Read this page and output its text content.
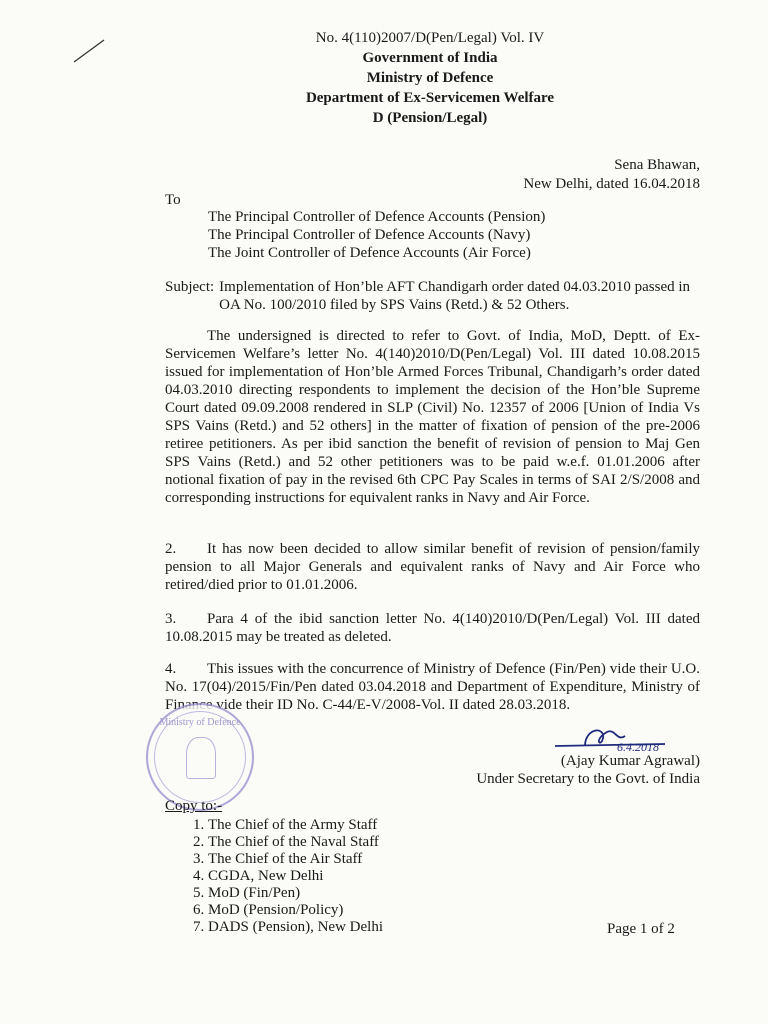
No. 4(110)2007/D(Pen/Legal) Vol. IV
Government of India
Ministry of Defence
Department of Ex-Servicemen Welfare
D (Pension/Legal)
Sena Bhawan,
New Delhi, dated 16.04.2018
To
The Principal Controller of Defence Accounts (Pension)
The Principal Controller of Defence Accounts (Navy)
The Joint Controller of Defence Accounts (Air Force)
Subject: Implementation of Hon’ble AFT Chandigarh order dated 04.03.2010 passed in OA No. 100/2010 filed by SPS Vains (Retd.) & 52 Others.
The undersigned is directed to refer to Govt. of India, MoD, Deptt. of Ex-Servicemen Welfare’s letter No. 4(140)2010/D(Pen/Legal) Vol. III dated 10.08.2015 issued for implementation of Hon’ble Armed Forces Tribunal, Chandigarh’s order dated 04.03.2010 directing respondents to implement the decision of the Hon’ble Supreme Court dated 09.09.2008 rendered in SLP (Civil) No. 12357 of 2006 [Union of India Vs SPS Vains (Retd.) and 52 others] in the matter of fixation of pension of the pre-2006 retiree petitioners. As per ibid sanction the benefit of revision of pension to Maj Gen SPS Vains (Retd.) and 52 other petitioners was to be paid w.e.f. 01.01.2006 after notional fixation of pay in the revised 6th CPC Pay Scales in terms of SAI 2/S/2008 and corresponding instructions for equivalent ranks in Navy and Air Force.
2. It has now been decided to allow similar benefit of revision of pension/family pension to all Major Generals and equivalent ranks of Navy and Air Force who retired/died prior to 01.01.2006.
3. Para 4 of the ibid sanction letter No. 4(140)2010/D(Pen/Legal) Vol. III dated 10.08.2015 may be treated as deleted.
4. This issues with the concurrence of Ministry of Defence (Fin/Pen) vide their U.O. No. 17(04)/2015/Fin/Pen dated 03.04.2018 and Department of Expenditure, Ministry of Finance vide their ID No. C-44/E-V/2008-Vol. II dated 28.03.2018.
Ministry of Defence
6.4.2018
(Ajay Kumar Agrawal)
Under Secretary to the Govt. of India
Copy to:-
1. The Chief of the Army Staff
2. The Chief of the Naval Staff
3. The Chief of the Air Staff
4. CGDA, New Delhi
5. MoD (Fin/Pen)
6. MoD (Pension/Policy)
7. DADS (Pension), New Delhi	Page 1 of 2
